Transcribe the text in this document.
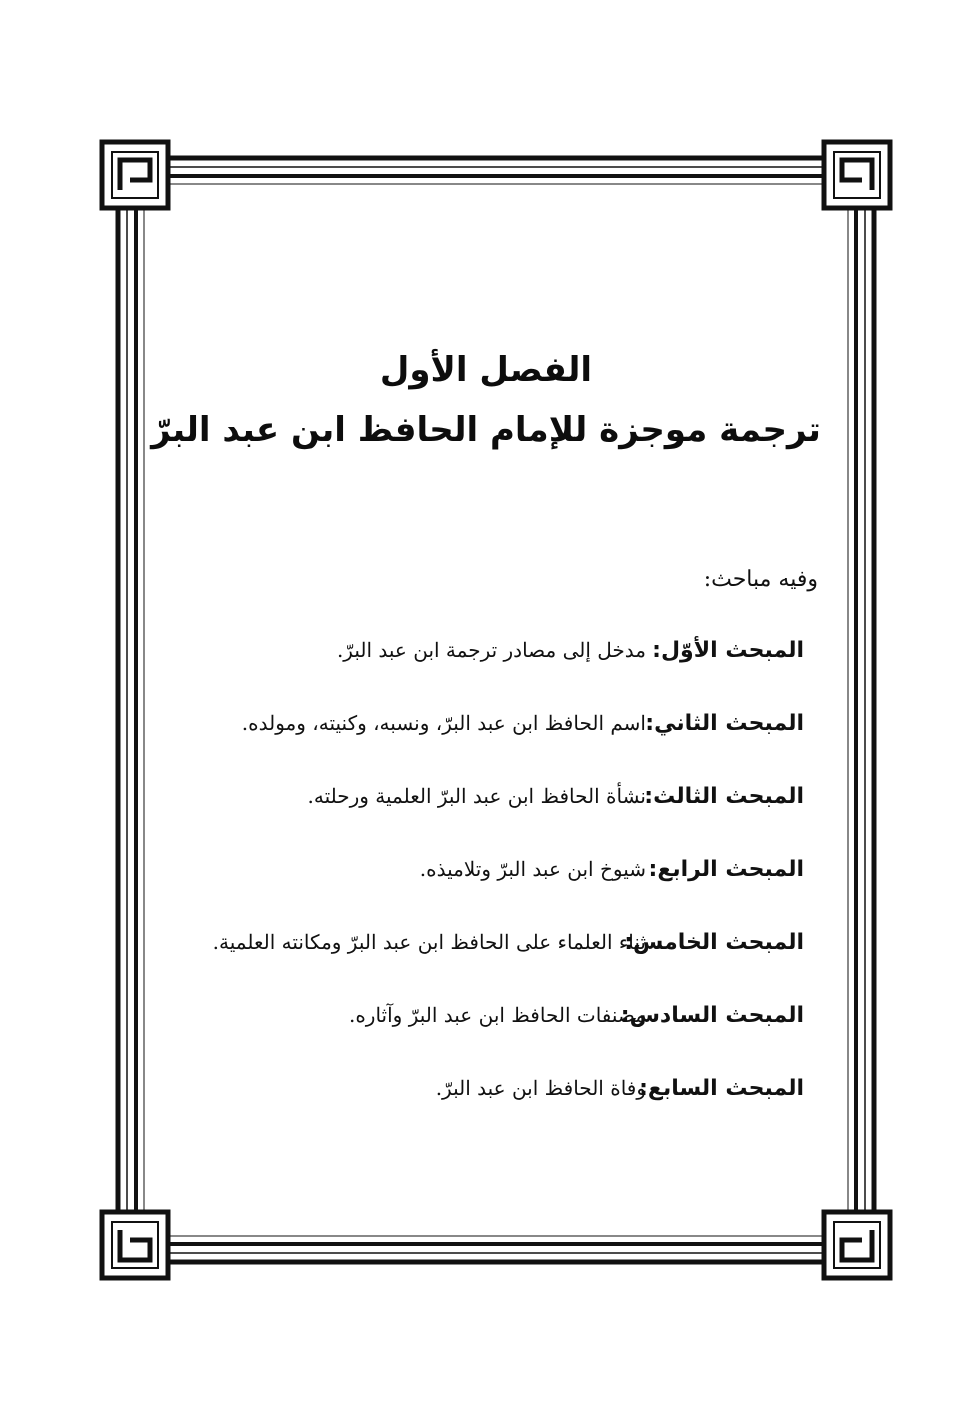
الفصل الأول
ترجمة موجزة للإمام الحافظ ابن عبد البرّ
وفيه مباحث:
المبحث الأوّل:
مدخل إلى مصادر ترجمة ابن عبد البرّ.
المبحث الثاني:
اسم الحافظ ابن عبد البرّ، ونسبه، وكنيته، ومولده.
المبحث الثالث:
نشأة الحافظ ابن عبد البرّ العلمية ورحلته.
المبحث الرابع:
شيوخ ابن عبد البرّ وتلاميذه.
المبحث الخامس:
ثناء العلماء على الحافظ ابن عبد البرّ ومكانته العلمية.
المبحث السادس:
مصنفات الحافظ ابن عبد البرّ وآثاره.
المبحث السابع:
وفاة الحافظ ابن عبد البرّ.
